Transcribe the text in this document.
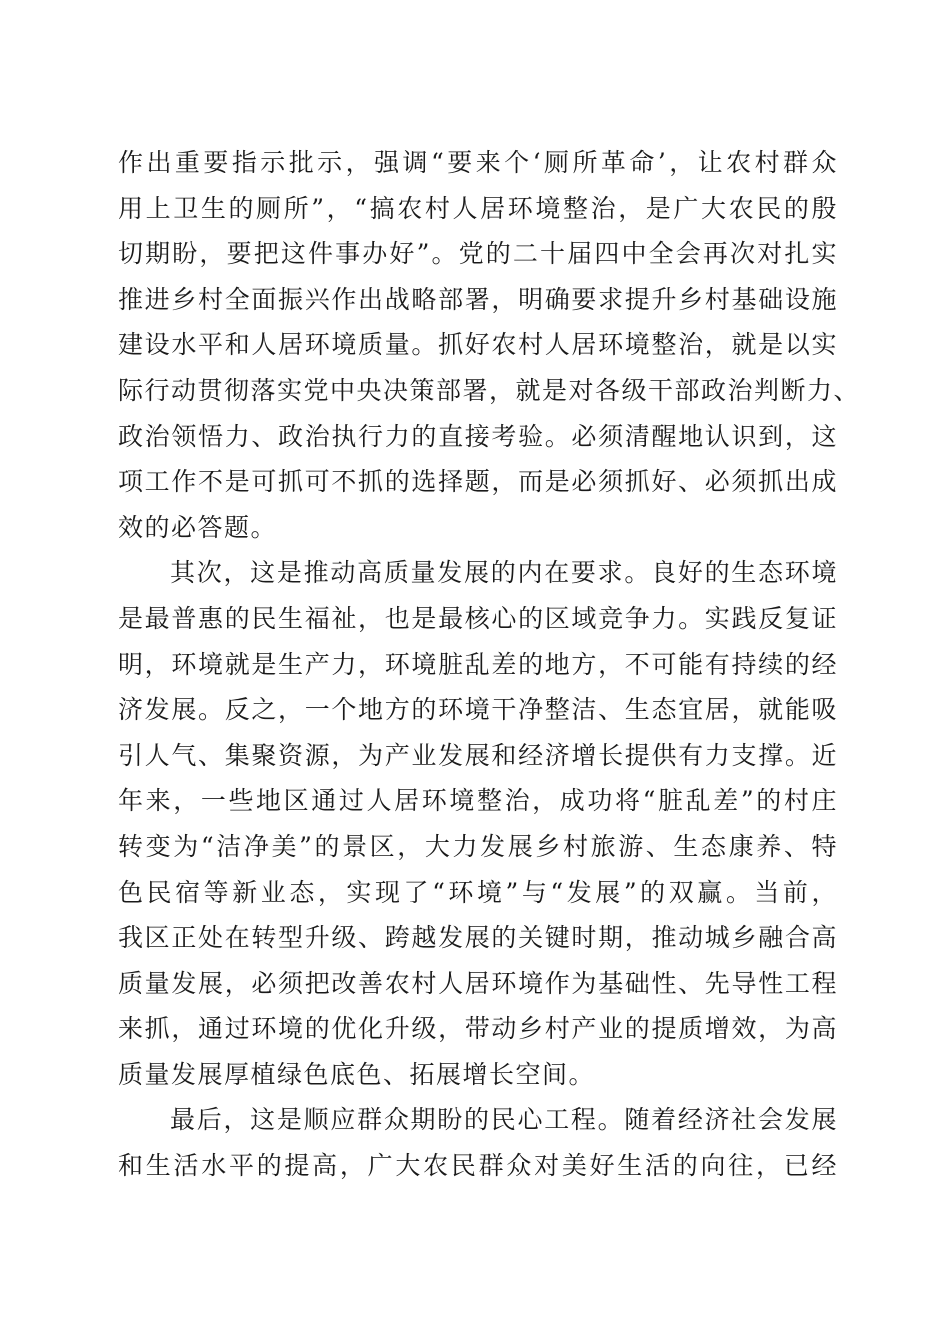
作出重要指示批示，强调“要来个‘厕所革命’，让农村群众
用上卫生的厕所”，“搞农村人居环境整治，是广大农民的殷
切期盼，要把这件事办好”。党的二十届四中全会再次对扎实
推进乡村全面振兴作出战略部署，明确要求提升乡村基础设施
建设水平和人居环境质量。抓好农村人居环境整治，就是以实
际行动贯彻落实党中央决策部署，就是对各级干部政治判断力、
政治领悟力、政治执行力的直接考验。必须清醒地认识到，这
项工作不是可抓可不抓的选择题，而是必须抓好、必须抓出成
效的必答题。
其次，这是推动高质量发展的内在要求。良好的生态环境
是最普惠的民生福祉，也是最核心的区域竞争力。实践反复证
明，环境就是生产力，环境脏乱差的地方，不可能有持续的经
济发展。反之，一个地方的环境干净整洁、生态宜居，就能吸
引人气、集聚资源，为产业发展和经济增长提供有力支撑。近
年来，一些地区通过人居环境整治，成功将“脏乱差”的村庄
转变为“洁净美”的景区，大力发展乡村旅游、生态康养、特
色民宿等新业态，实现了“环境”与“发展”的双赢。当前，
我区正处在转型升级、跨越发展的关键时期，推动城乡融合高
质量发展，必须把改善农村人居环境作为基础性、先导性工程
来抓，通过环境的优化升级，带动乡村产业的提质增效，为高
质量发展厚植绿色底色、拓展增长空间。
最后，这是顺应群众期盼的民心工程。随着经济社会发展
和生活水平的提高，广大农民群众对美好生活的向往，已经
